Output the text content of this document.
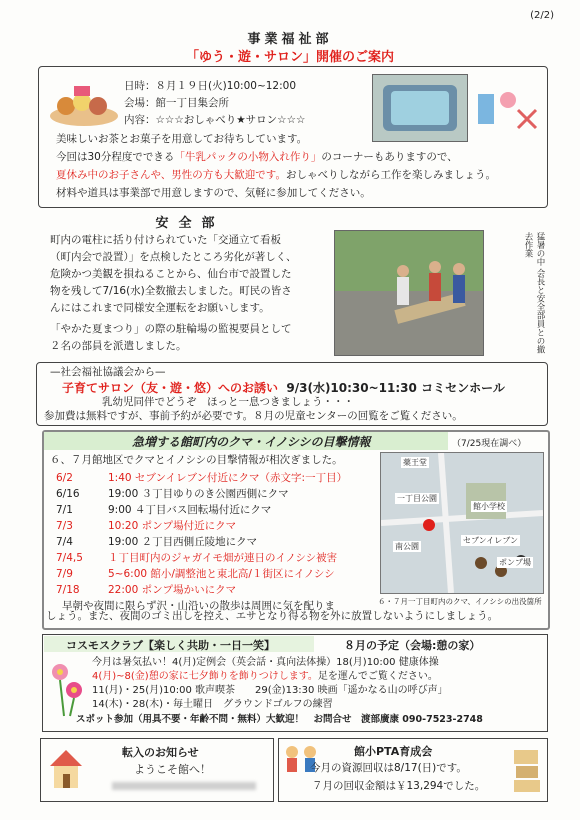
(2/2)
事業福祉部
「ゆう・遊・サロン」開催のご案内
日時：８月１９日(火)10:00~12:00
会場：館一丁目集会所
内容：☆☆☆おしゃべり★サロン☆☆☆
美味しいお茶とお菓子を用意してお待ちしています。
今回は30分程度でできる「牛乳パックの小物入れ作り」のコーナーもありますので、
夏休み中のお子さんや、男性の方も大歓迎です。おしゃべりしながら工作を楽しみましょう。
材料や道具は事業部で用意しますので、気軽に参加してください。
安全部
町内の電柱に括り付けられていた「交通立て看板
（町内会で設置）」を点検したところ劣化が著しく、
危険かつ美観を損ねることから、仙台市で設置した
物を残して7/16(水)全数撤去しました。町民の皆さ
んにはこれまで同様安全運転をお願いします。
「やかた夏まつり」の際の駐輪場の監視要員として
２名の部員を派遣しました。	猛暑の中 会長と安全部員との撤去作業
—社会福祉協議会から—
子育てサロン（友・遊・悠）へのお誘い 9/3(水)10:30~11:30 コミセンホール
乳幼児同伴でどうぞ　ほっと一息つきましょう・・・
参加費は無料ですが、事前予約が必要です。８月の児童センターの回覧をご覧ください。
急増する館町内のクマ・イノシシの目撃情報	（7/25現在調べ）
６、７月館地区でクマとイノシシの目撃情報が相次ぎました。
6/2	1:40 セブンイレブン付近にクマ（赤文字:一丁目）
6/16	19:00 ３丁目ゆりのき公園西側にクマ
7/1	9:00 ４丁目バス回転場付近にクマ
7/3	10:20 ポンプ場付近にクマ
7/4	19:00 ２丁目西側丘陵地にクマ
7/4,5 １丁目町内のジャガイモ畑が連日のイノシシ被害
7/9	5~6:00 館小/調整池と東北高/１街区にイノシシ
7/18	22:00 ポンプ場かいにクマ
薬王堂
一丁目公園
館小学校
南公園
セブンイレブン
ポンプ場
６・７月一丁目町内のクマ、イノシシの出没箇所
早朝や夜間に限らず沢・山沿いの散歩は周囲に気を配りま
しょう。また、夜間のゴミ出しを控え、エサとなり得る物を外に放置しないようにしましょう。
コスモスクラブ【楽しく共助・一日一笑】	８月の予定（会場:憩の家）
今月は暑気払い！4(月)定例会（英会話・真向法体操）18(月)10:00 健康体操
4(月)~8(金)憩の家に七夕飾りを飾りつけします。足を運んでご覧ください。
11(月)・25(月)10:00 歌声喫茶　　29(金)13:30 映画「遥かなる山の呼び声」
14(木)・28(木)・毎土曜日　グラウンドゴルフの練習
スポット参加（用具不要・年齢不問・無料）大歓迎！　お問合せ　渡部廣康 090-7523-2748
転入のお知らせ
ようこそ館へ！
館小PTA育成会
今月の資源回収は8/17(日)です。
７月の回収金額は￥13,294でした。
